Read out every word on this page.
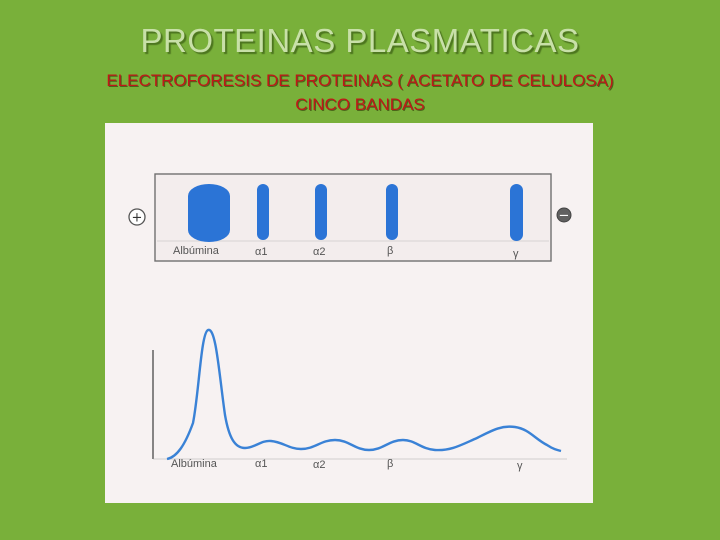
PROTEINAS PLASMATICAS
ELECTROFORESIS DE PROTEINAS ( ACETATO DE CELULOSA)
CINCO BANDAS
+	−
Albúmina	α1	α2	β	γ
Albúmina	α1	α2	β	γ
